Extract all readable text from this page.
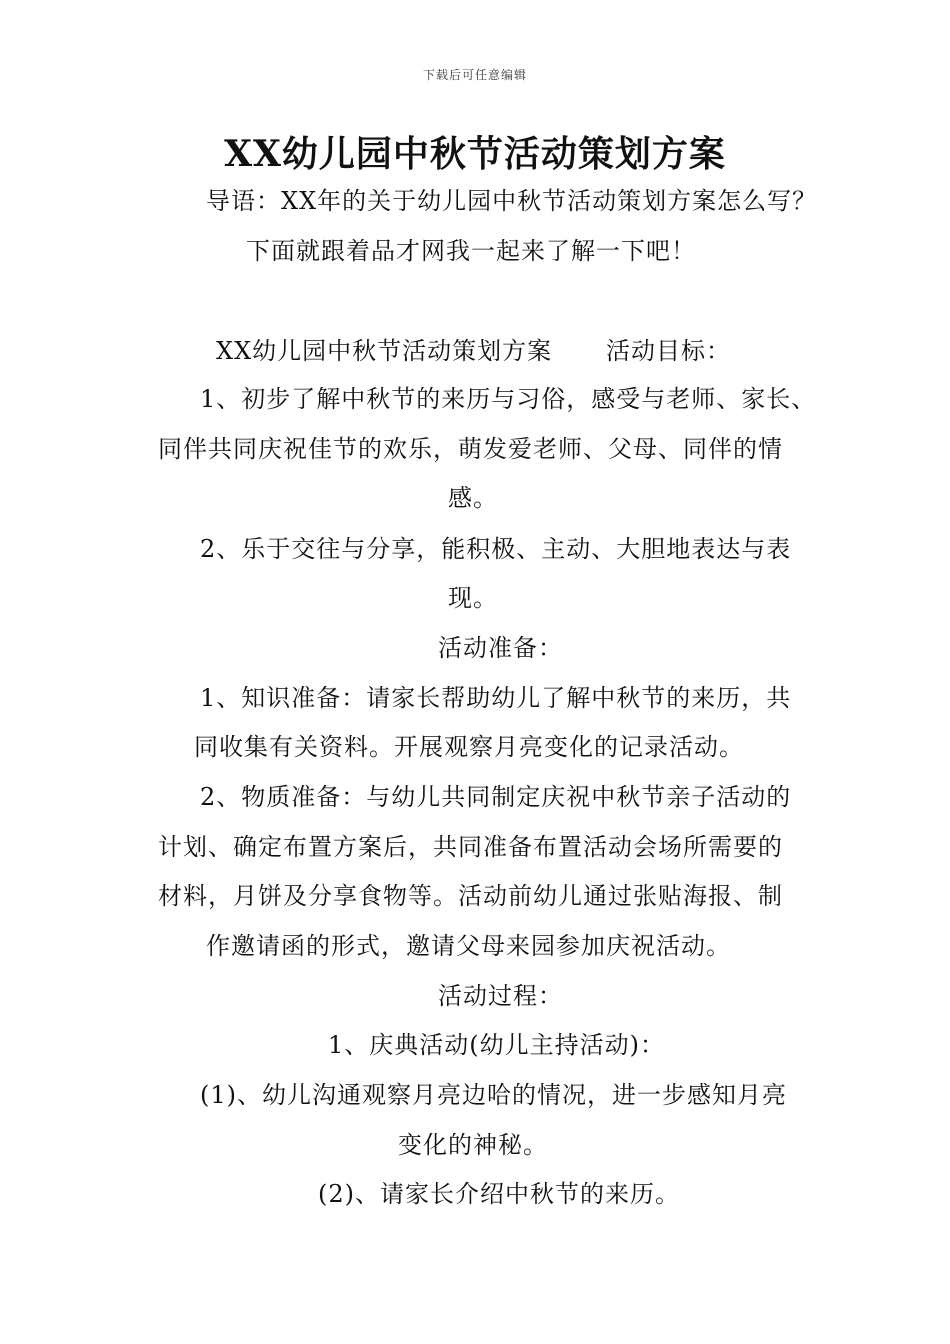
下载后可任意编辑
XX幼儿园中秋节活动策划方案
导语：XX年的关于幼儿园中秋节活动策划方案怎么写？
下面就跟着品才网我一起来了解一下吧！
XX幼儿园中秋节活动策划方案 活动目标：
1、初步了解中秋节的来历与习俗，感受与老师、家长、
同伴共同庆祝佳节的欢乐，萌发爱老师、父母、同伴的情
感。
2、乐于交往与分享，能积极、主动、大胆地表达与表
现。
活动准备：
1、知识准备：请家长帮助幼儿了解中秋节的来历，共
同收集有关资料。开展观察月亮变化的记录活动。
2、物质准备：与幼儿共同制定庆祝中秋节亲子活动的
计划、确定布置方案后，共同准备布置活动会场所需要的
材料，月饼及分享食物等。活动前幼儿通过张贴海报、制
作邀请函的形式，邀请父母来园参加庆祝活动。
活动过程：
1、庆典活动(幼儿主持活动)：
(1)、幼儿沟通观察月亮边哈的情况，进一步感知月亮
变化的神秘。
(2)、请家长介绍中秋节的来历。
